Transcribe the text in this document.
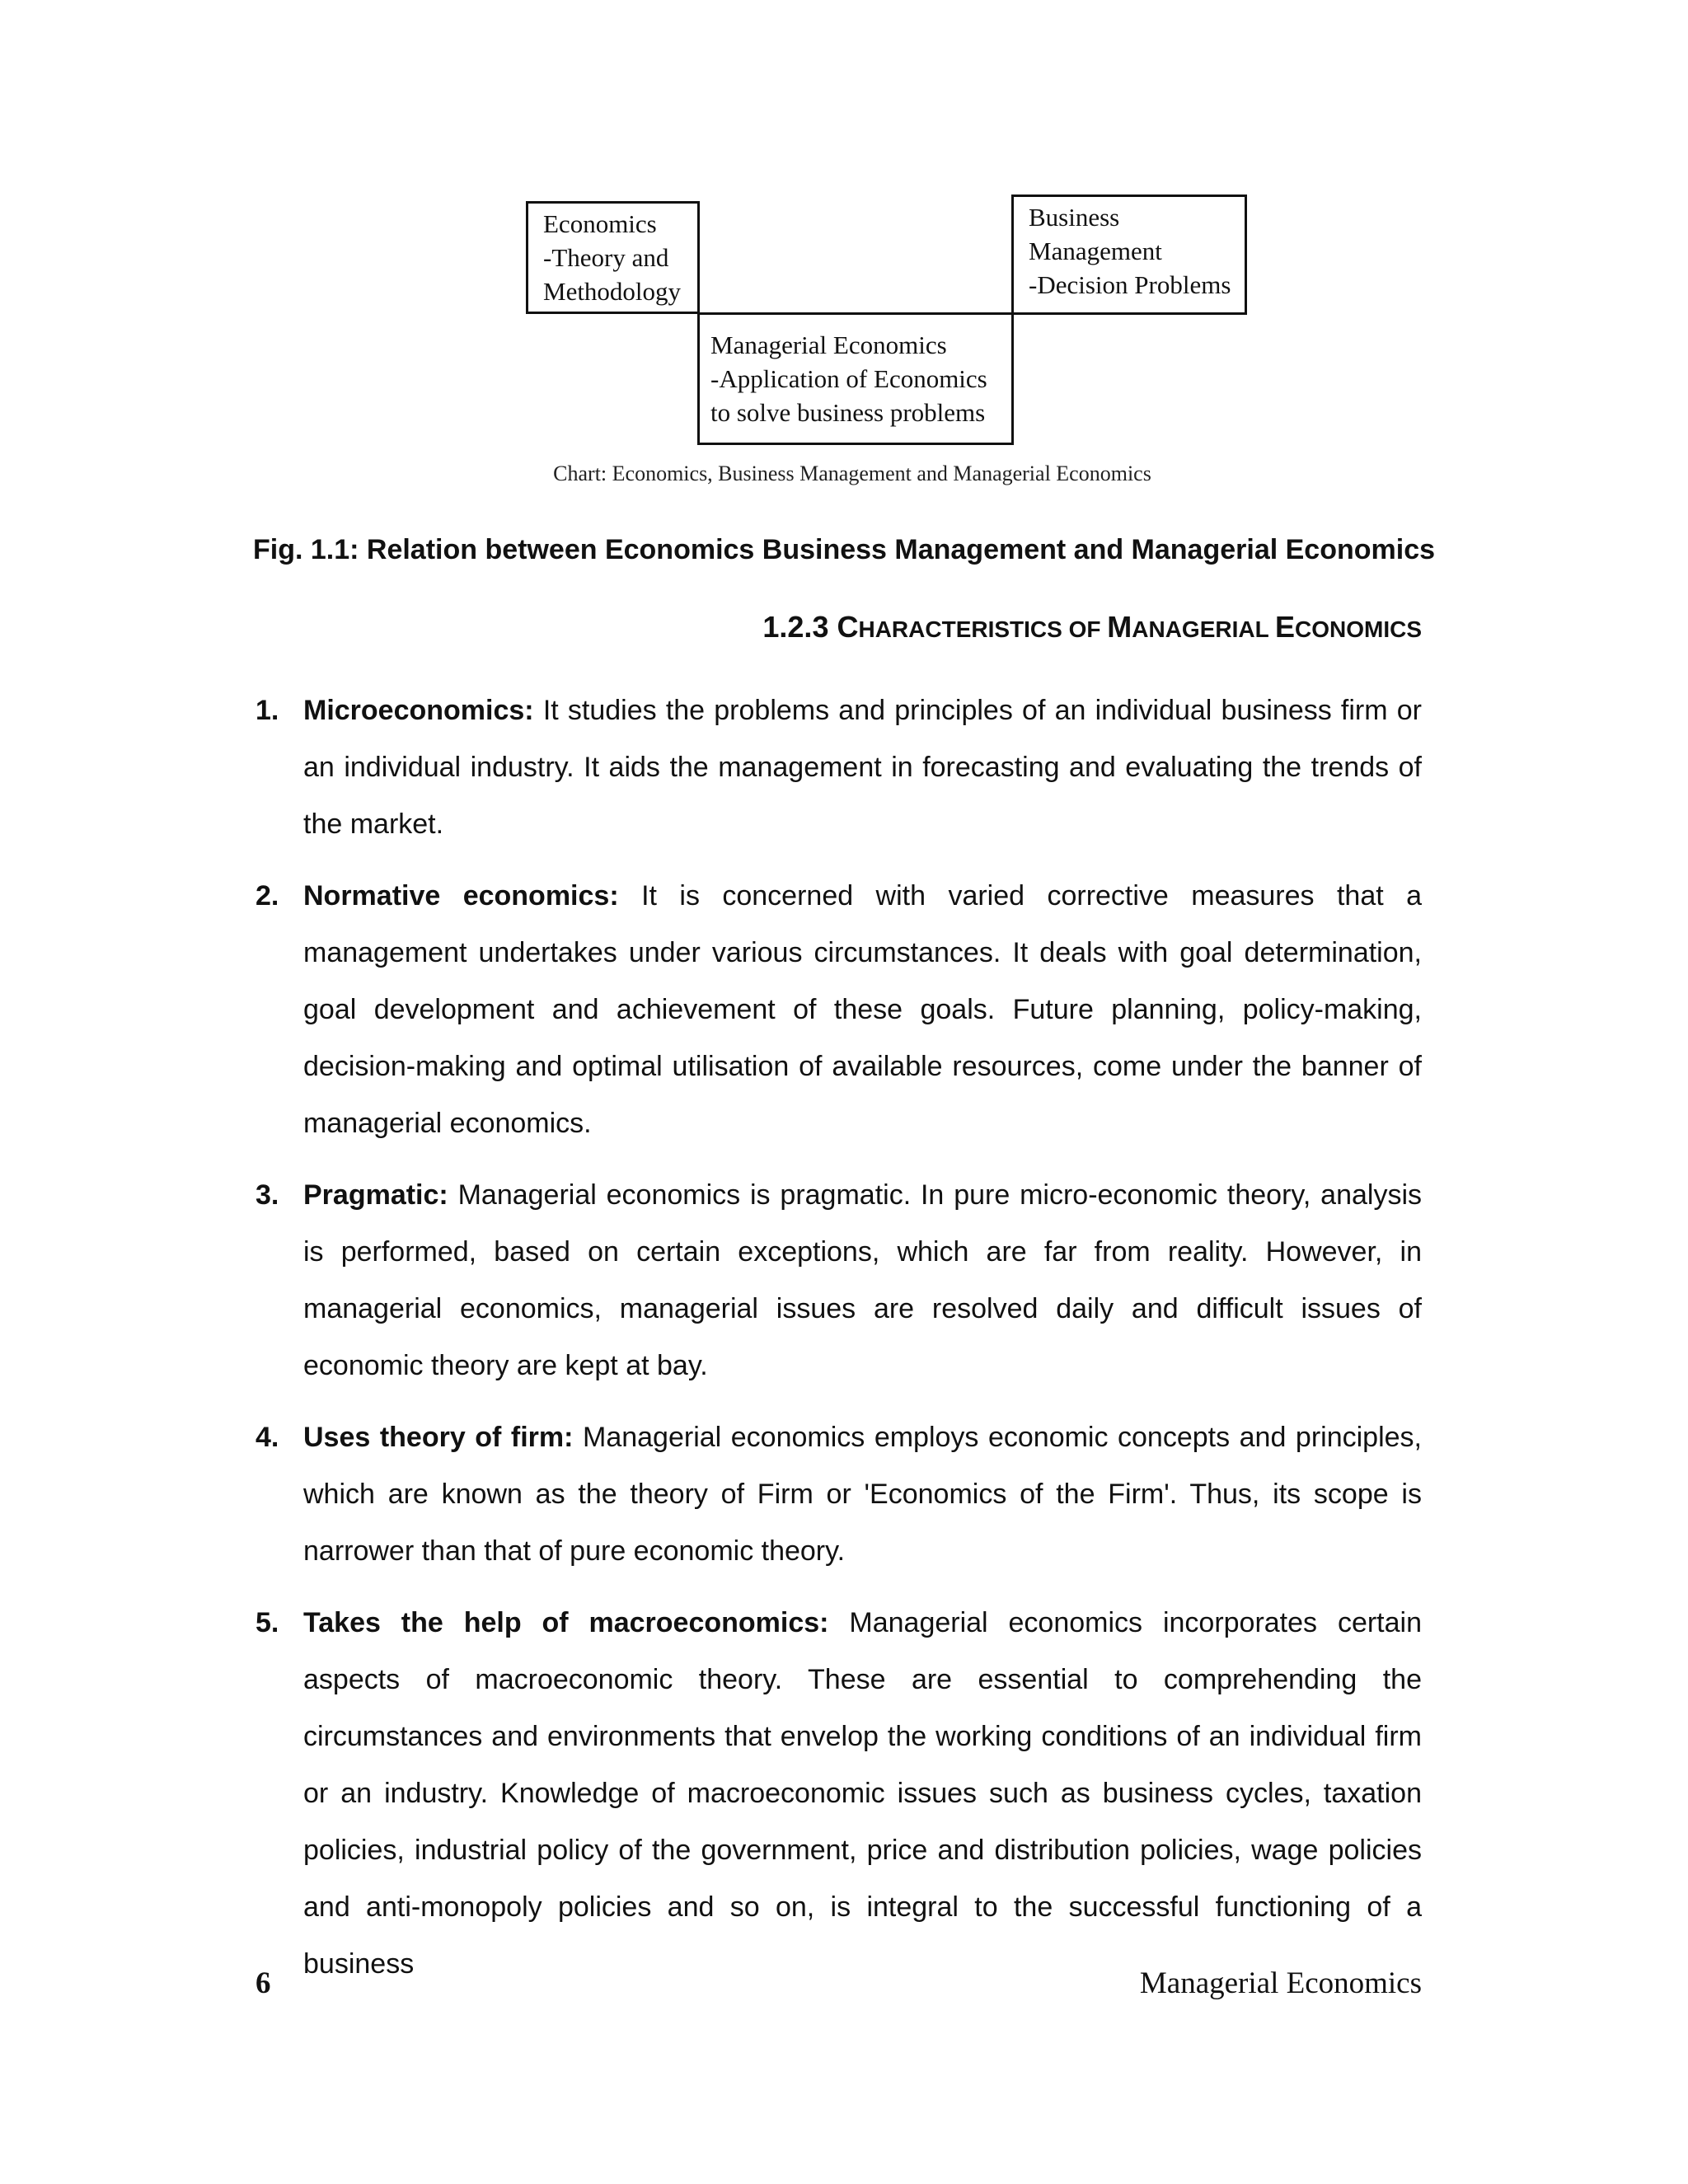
Economics
-Theory and
Methodology
Business
Management
-Decision Problems
Managerial Economics
-Application of Economics
to solve business problems
Chart: Economics, Business Management and Managerial Economics
Fig. 1.1: Relation between Economics Business Management and Managerial Economics
1.2.3 CHARACTERISTICS OF MANAGERIAL ECONOMICS
1. Microeconomics: It studies the problems and principles of an individual business firm or an individual industry. It aids the management in forecasting and evaluating the trends of the market.
2. Normative economics: It is concerned with varied corrective measures that a management undertakes under various circumstances. It deals with goal determination, goal development and achievement of these goals. Future planning, policy-making, decision-making and optimal utilisation of available resources, come under the banner of managerial economics.
3. Pragmatic: Managerial economics is pragmatic. In pure micro-economic theory, analysis is performed, based on certain exceptions, which are far from reality. However, in managerial economics, managerial issues are resolved daily and difficult issues of economic theory are kept at bay.
4. Uses theory of firm: Managerial economics employs economic concepts and principles, which are known as the theory of Firm or 'Economics of the Firm'. Thus, its scope is narrower than that of pure economic theory.
5. Takes the help of macroeconomics: Managerial economics incorporates certain aspects of macroeconomic theory. These are essential to comprehending the circumstances and environments that envelop the working conditions of an individual firm or an industry. Knowledge of macroeconomic issues such as business cycles, taxation policies, industrial policy of the government, price and distribution policies, wage policies and anti-monopoly policies and so on, is integral to the successful functioning of a business
6	Managerial Economics
